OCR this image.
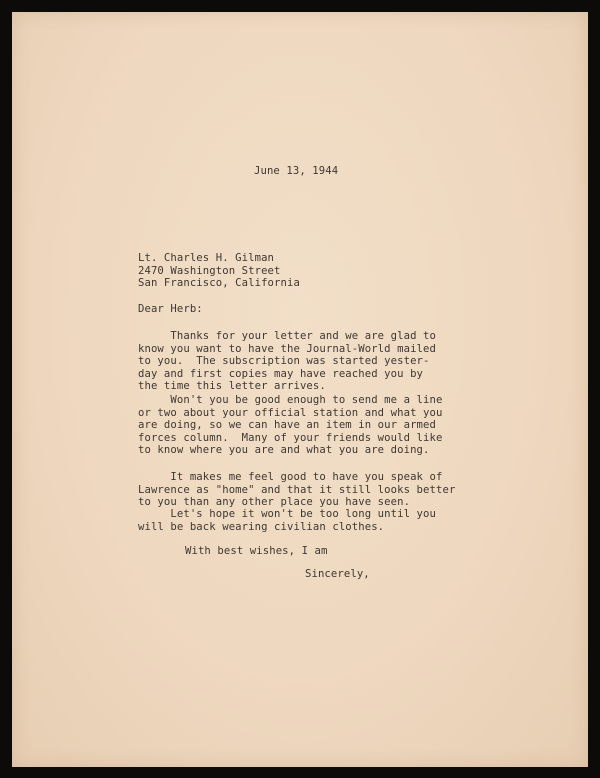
June 13, 1944
Lt. Charles H. Gilman
2470 Washington Street
San Francisco, California
Dear Herb:
Thanks for your letter and we are glad to
know you want to have the Journal-World mailed
to you.  The subscription was started yester-
day and first copies may have reached you by
the time this letter arrives.
Won't you be good enough to send me a line
or two about your official station and what you
are doing, so we can have an item in our armed
forces column.  Many of your friends would like
to know where you are and what you are doing.
It makes me feel good to have you speak of
Lawrence as "home" and that it still looks better
to you than any other place you have seen.
Let's hope it won't be too long until you
will be back wearing civilian clothes.
With best wishes, I am
Sincerely,
